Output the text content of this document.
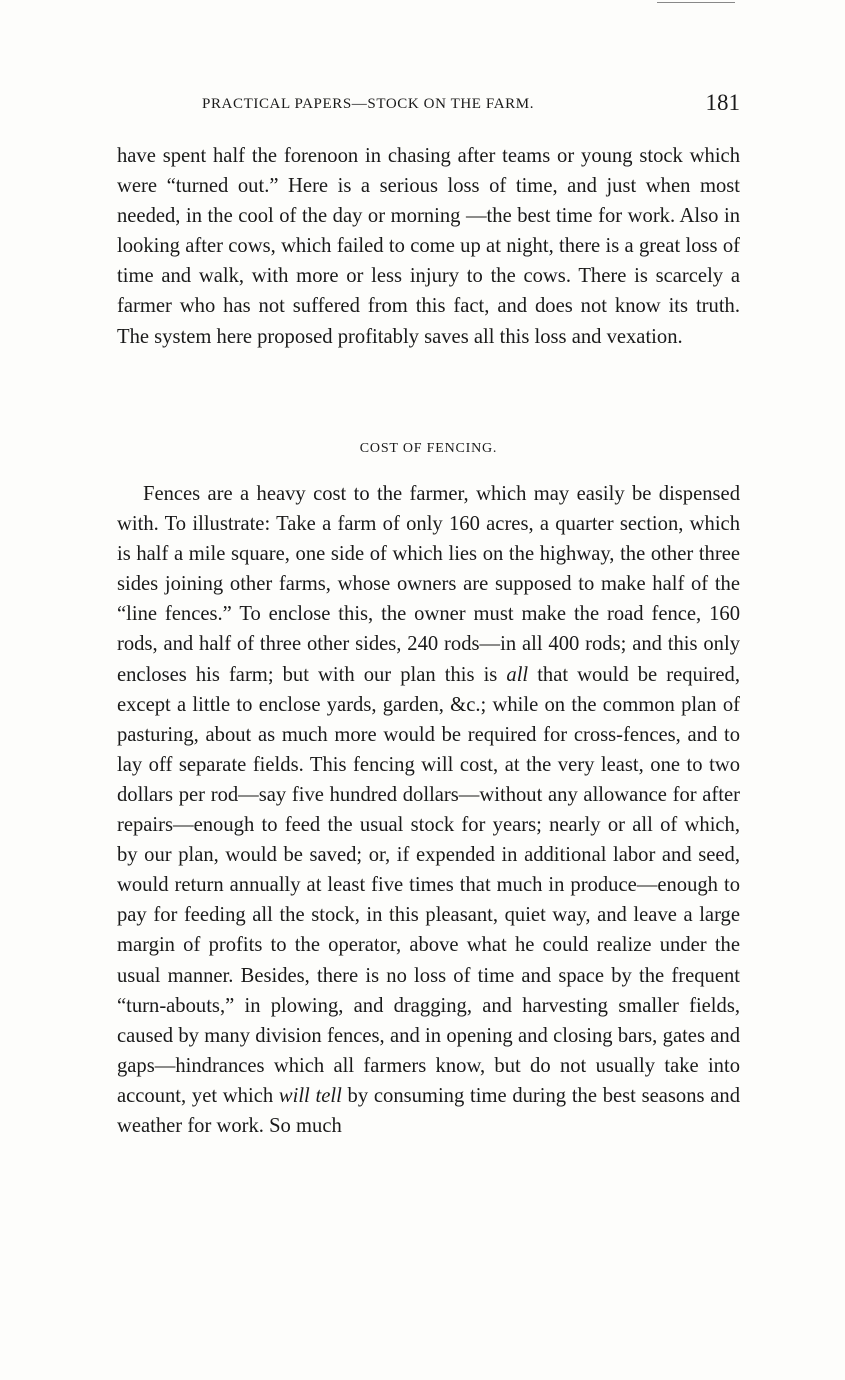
PRACTICAL PAPERS—STOCK ON THE FARM.	181

have spent half the forenoon in chasing after teams or young stock which were “turned out.” Here is a serious loss of time, and just when most needed, in the cool of the day or morning —the best time for work. Also in looking after cows, which failed to come up at night, there is a great loss of time and walk, with more or less injury to the cows. There is scarcely a farmer who has not suffered from this fact, and does not know its truth. The system here proposed profitably saves all this loss and vexation.

COST OF FENCING.

Fences are a heavy cost to the farmer, which may easily be dispensed with. To illustrate: Take a farm of only 160 acres, a quarter section, which is half a mile square, one side of which lies on the highway, the other three sides joining other farms, whose owners are supposed to make half of the “line fences.” To enclose this, the owner must make the road fence, 160 rods, and half of three other sides, 240 rods—in all 400 rods; and this only encloses his farm; but with our plan this is all that would be required, except a little to enclose yards, garden, &c.; while on the common plan of pasturing, about as much more would be required for cross-fences, and to lay off separate fields. This fencing will cost, at the very least, one to two dollars per rod—say five hundred dollars—without any allowance for after repairs—enough to feed the usual stock for years; nearly or all of which, by our plan, would be saved; or, if expended in additional labor and seed, would return annually at least five times that much in produce—enough to pay for feeding all the stock, in this pleasant, quiet way, and leave a large margin of profits to the operator, above what he could realize under the usual manner. Besides, there is no loss of time and space by the frequent “turn-abouts,” in plowing, and dragging, and harvesting smaller fields, caused by many division fences, and in opening and closing bars, gates and gaps—hindrances which all farmers know, but do not usually take into account, yet which will tell by consuming time during the best seasons and weather for work. So much
